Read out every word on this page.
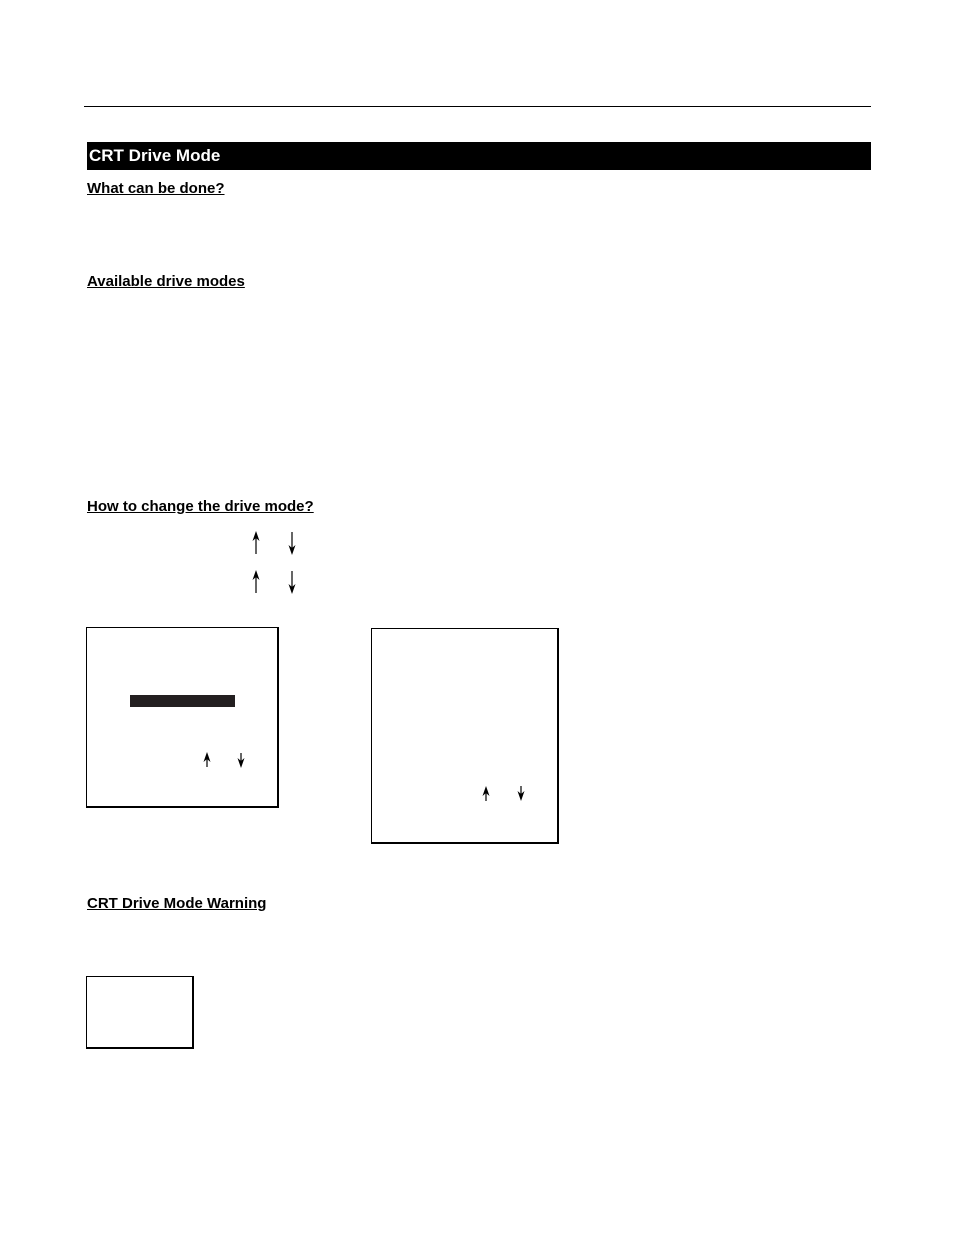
CRT Drive Mode
What can be done?
Available drive modes
How to change the drive mode?
CRT Drive Mode Warning
